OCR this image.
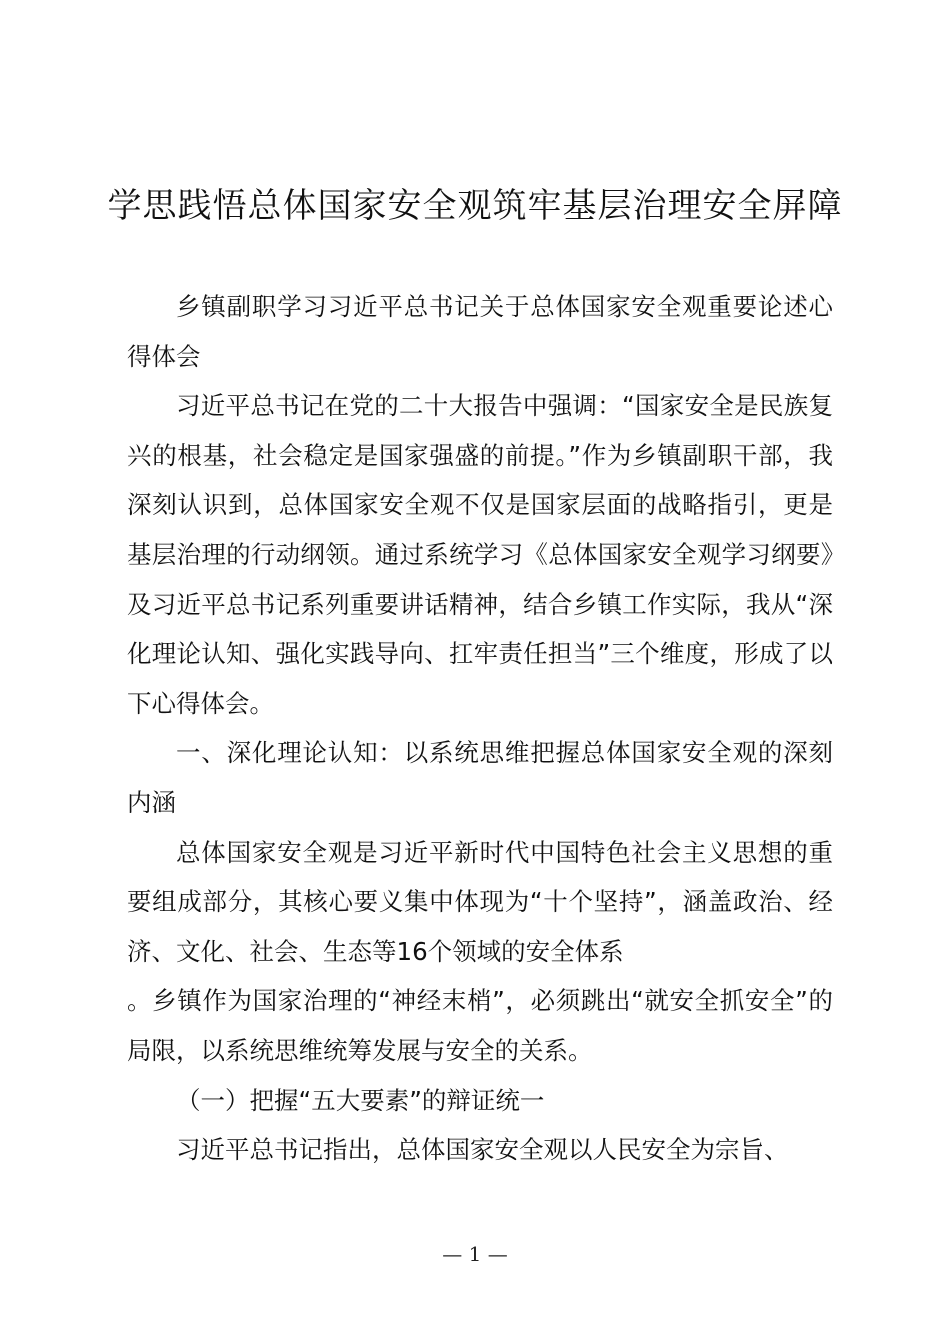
学思践悟总体国家安全观筑牢基层治理安全屏障

乡镇副职学习习近平总书记关于总体国家安全观重要论述心得体会

习近平总书记在党的二十大报告中强调：“国家安全是民族复兴的根基，社会稳定是国家强盛的前提。”作为乡镇副职干部，我深刻认识到，总体国家安全观不仅是国家层面的战略指引，更是基层治理的行动纲领。通过系统学习《总体国家安全观学习纲要》及习近平总书记系列重要讲话精神，结合乡镇工作实际，我从“深化理论认知、强化实践导向、扛牢责任担当”三个维度，形成了以下心得体会。

一、深化理论认知：以系统思维把握总体国家安全观的深刻内涵

总体国家安全观是习近平新时代中国特色社会主义思想的重要组成部分，其核心要义集中体现为“十个坚持”，涵盖政治、经济、文化、社会、生态等16个领域的安全体系

。乡镇作为国家治理的“神经末梢”，必须跳出“就安全抓安全”的局限，以系统思维统筹发展与安全的关系。

（一）把握“五大要素”的辩证统一

习近平总书记指出，总体国家安全观以人民安全为宗旨、

— 1 —
